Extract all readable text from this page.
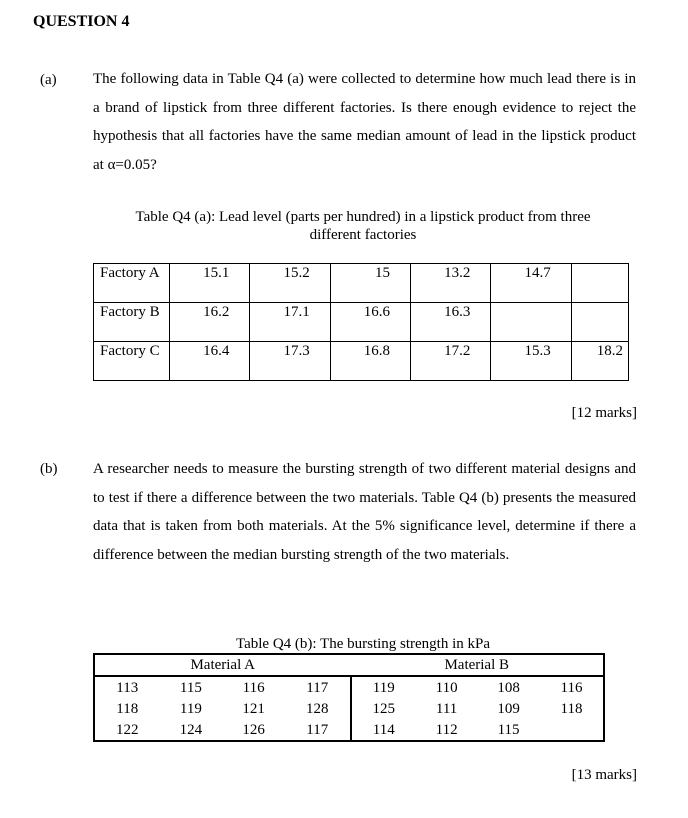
QUESTION 4
(a) The following data in Table Q4 (a) were collected to determine how much lead there is in a brand of lipstick from three different factories. Is there enough evidence to reject the hypothesis that all factories have the same median amount of lead in the lipstick product at α=0.05?
Table Q4 (a): Lead level (parts per hundred) in a lipstick product from three
different factories
Factory A	15.1	15.2	15	13.2	14.7	
Factory B	16.2	17.1	16.6	16.3		
Factory C	16.4	17.3	16.8	17.2	15.3	18.2
[12 marks]
(b) A researcher needs to measure the bursting strength of two different material designs and to test if there a difference between the two materials. Table Q4 (b) presents the measured data that is taken from both materials. At the 5% significance level, determine if there a difference between the median bursting strength of the two materials.
Table Q4 (b): The bursting strength in kPa
Material A				Material B			
113	115	116	117	119	110	108	116
118	119	121	128	125	111	109	118
122	124	126	117	114	112	115	
[13 marks]
